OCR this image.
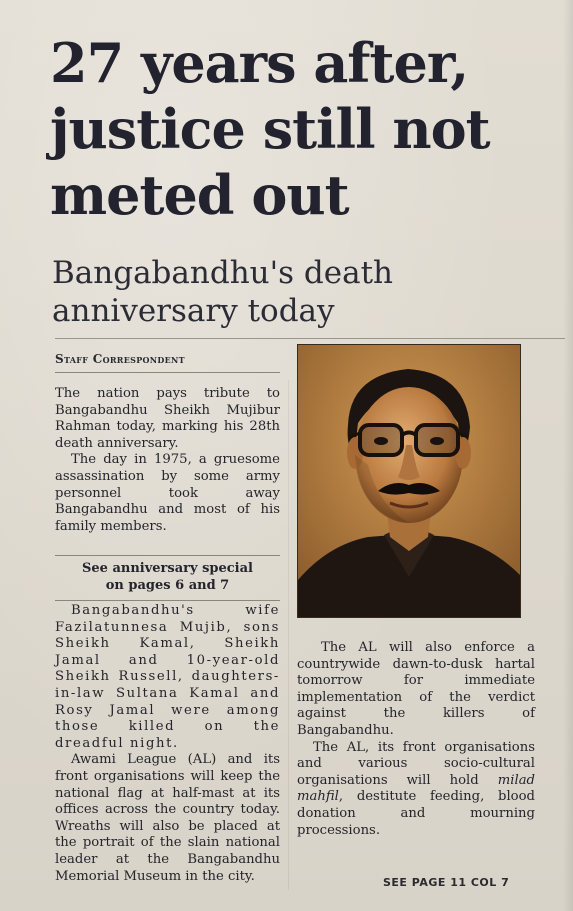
27 years after, justice still not meted out
Bangabandhu's death anniversary today
Staff Correspondent

The nation pays tribute to Bangabandhu Sheikh Mujibur Rahman today, marking his 28th death anniversary.

The day in 1975, a gruesome assassination by some army personnel took away Bangabandhu and most of his family members.

See anniversary special
on pages 6 and 7

Bangabandhu's wife Fazilatunnesa Mujib, sons Sheikh Kamal, Sheikh Jamal and 10-year-old Sheikh Russell, daughters-in-law Sultana Kamal and Rosy Jamal were among those killed on the dreadful night.

Awami League (AL) and its front organisations will keep the national flag at half-mast at its offices across the country today. Wreaths will also be placed at the portrait of the slain national leader at the Bangabandhu Memorial Museum in the city.

The AL will also enforce a countrywide dawn-to-dusk hartal tomorrow for immediate implementation of the verdict against the killers of Bangabandhu.

The AL, its front organisations and various socio-cultural organisations will hold milad mahfil, destitute feeding, blood donation and mourning processions.

SEE PAGE 11 COL 7
